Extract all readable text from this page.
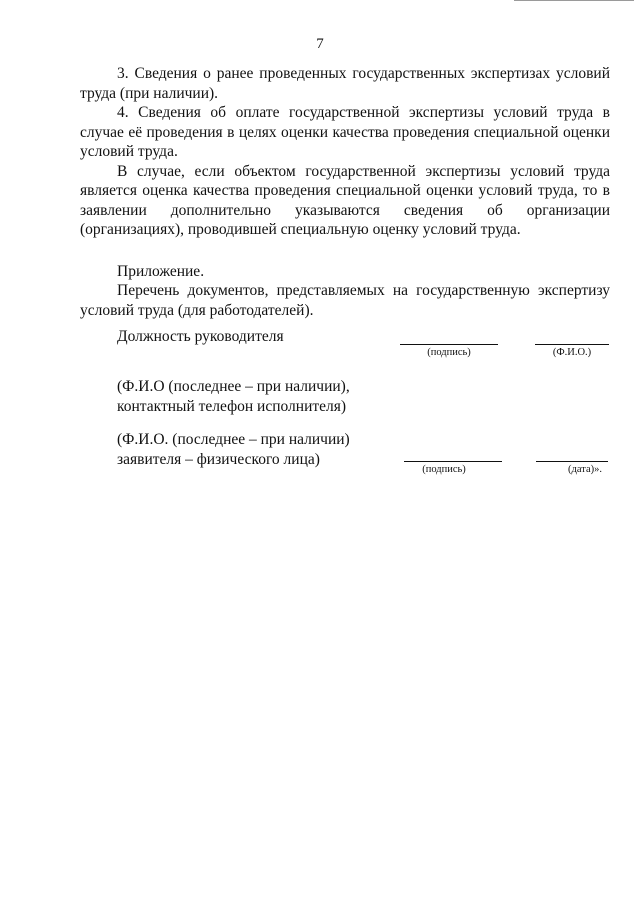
7

3. Сведения о ранее проведенных государственных экспертизах условий труда (при наличии).

4. Сведения об оплате государственной экспертизы условий труда в случае её проведения в целях оценки качества проведения специальной оценки условий труда.

В случае, если объектом государственной экспертизы условий труда является оценка качества проведения специальной оценки условий труда, то в заявлении дополнительно указываются сведения об организации (организациях), проводившей специальную оценку условий труда.

Приложение.

Перечень документов, представляемых на государственную экспертизу условий труда (для работодателей).

Должность руководителя
(подпись)	(Ф.И.О.)
(Ф.И.О (последнее – при наличии),
контактный телефон исполнителя)
(Ф.И.О. (последнее – при наличии)
заявителя – физического лица)
(подпись)	(дата)».
